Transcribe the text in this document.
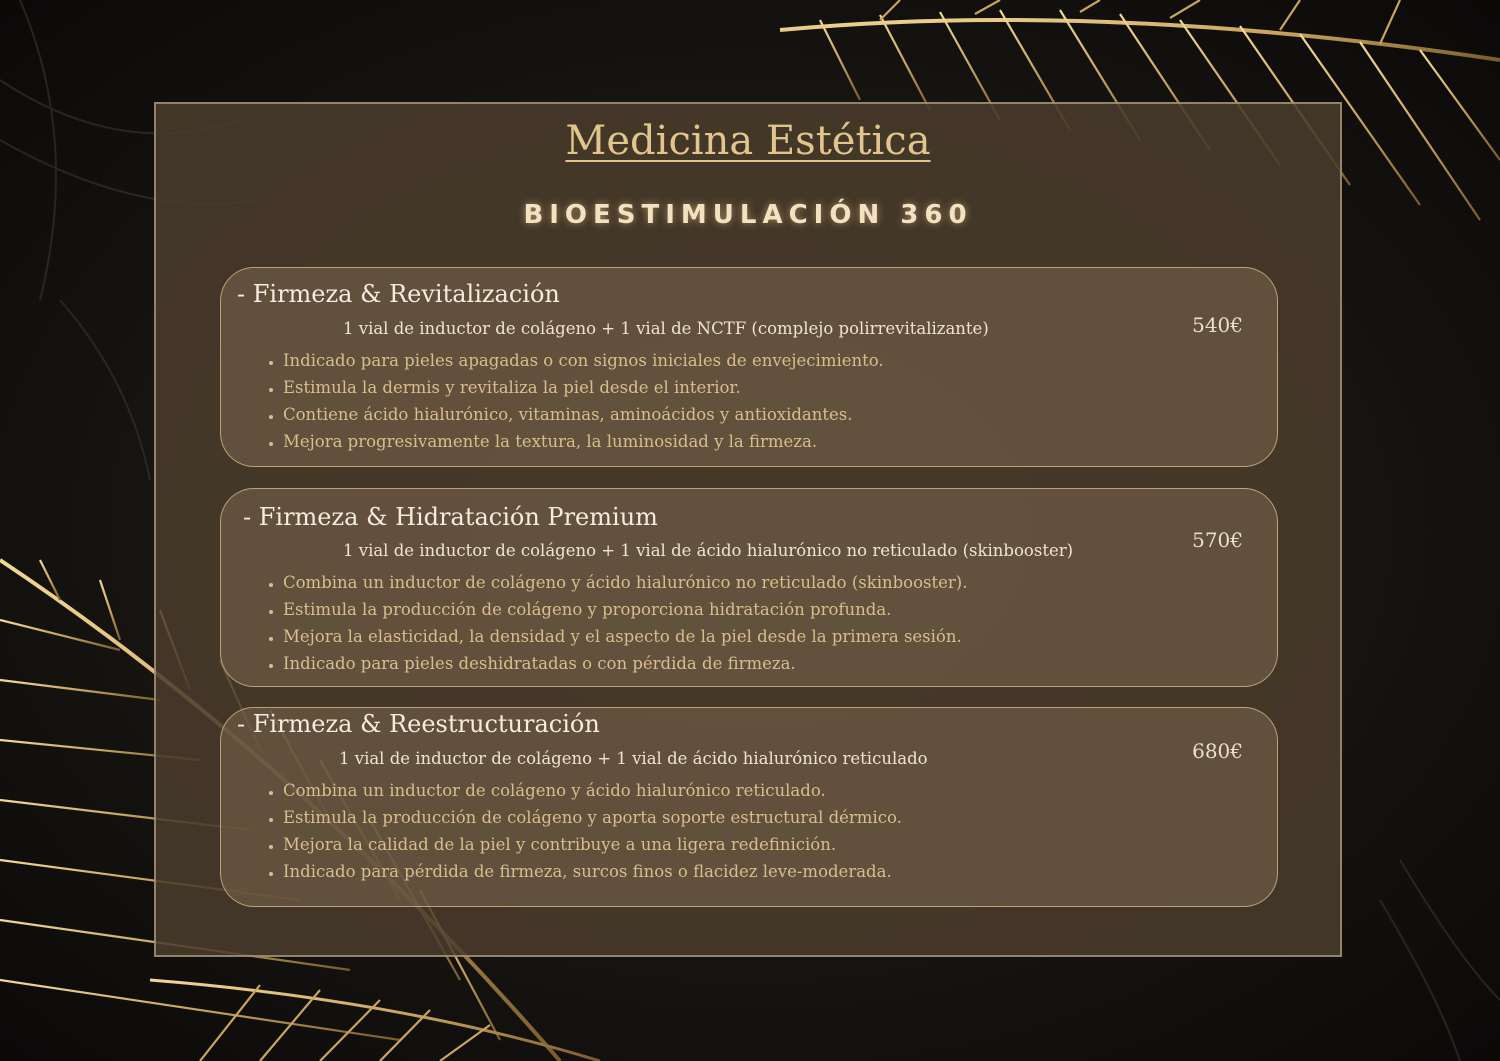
Medicina Estética
BIOESTIMULACIÓN 360
- Firmeza & Revitalización
1 vial de inductor de colágeno + 1 vial de NCTF (complejo polirrevitalizante)	540€
• Indicado para pieles apagadas o con signos iniciales de envejecimiento.
• Estimula la dermis y revitaliza la piel desde el interior.
• Contiene ácido hialurónico, vitaminas, aminoácidos y antioxidantes.
• Mejora progresivamente la textura, la luminosidad y la firmeza.
- Firmeza & Hidratación Premium
1 vial de inductor de colágeno + 1 vial de ácido hialurónico no reticulado (skinbooster)	570€
• Combina un inductor de colágeno y ácido hialurónico no reticulado (skinbooster).
• Estimula la producción de colágeno y proporciona hidratación profunda.
• Mejora la elasticidad, la densidad y el aspecto de la piel desde la primera sesión.
• Indicado para pieles deshidratadas o con pérdida de firmeza.
- Firmeza & Reestructuración
1 vial de inductor de colágeno + 1 vial de ácido hialurónico reticulado	680€
• Combina un inductor de colágeno y ácido hialurónico reticulado.
• Estimula la producción de colágeno y aporta soporte estructural dérmico.
• Mejora la calidad de la piel y contribuye a una ligera redefinición.
• Indicado para pérdida de firmeza, surcos finos o flacidez leve-moderada.
